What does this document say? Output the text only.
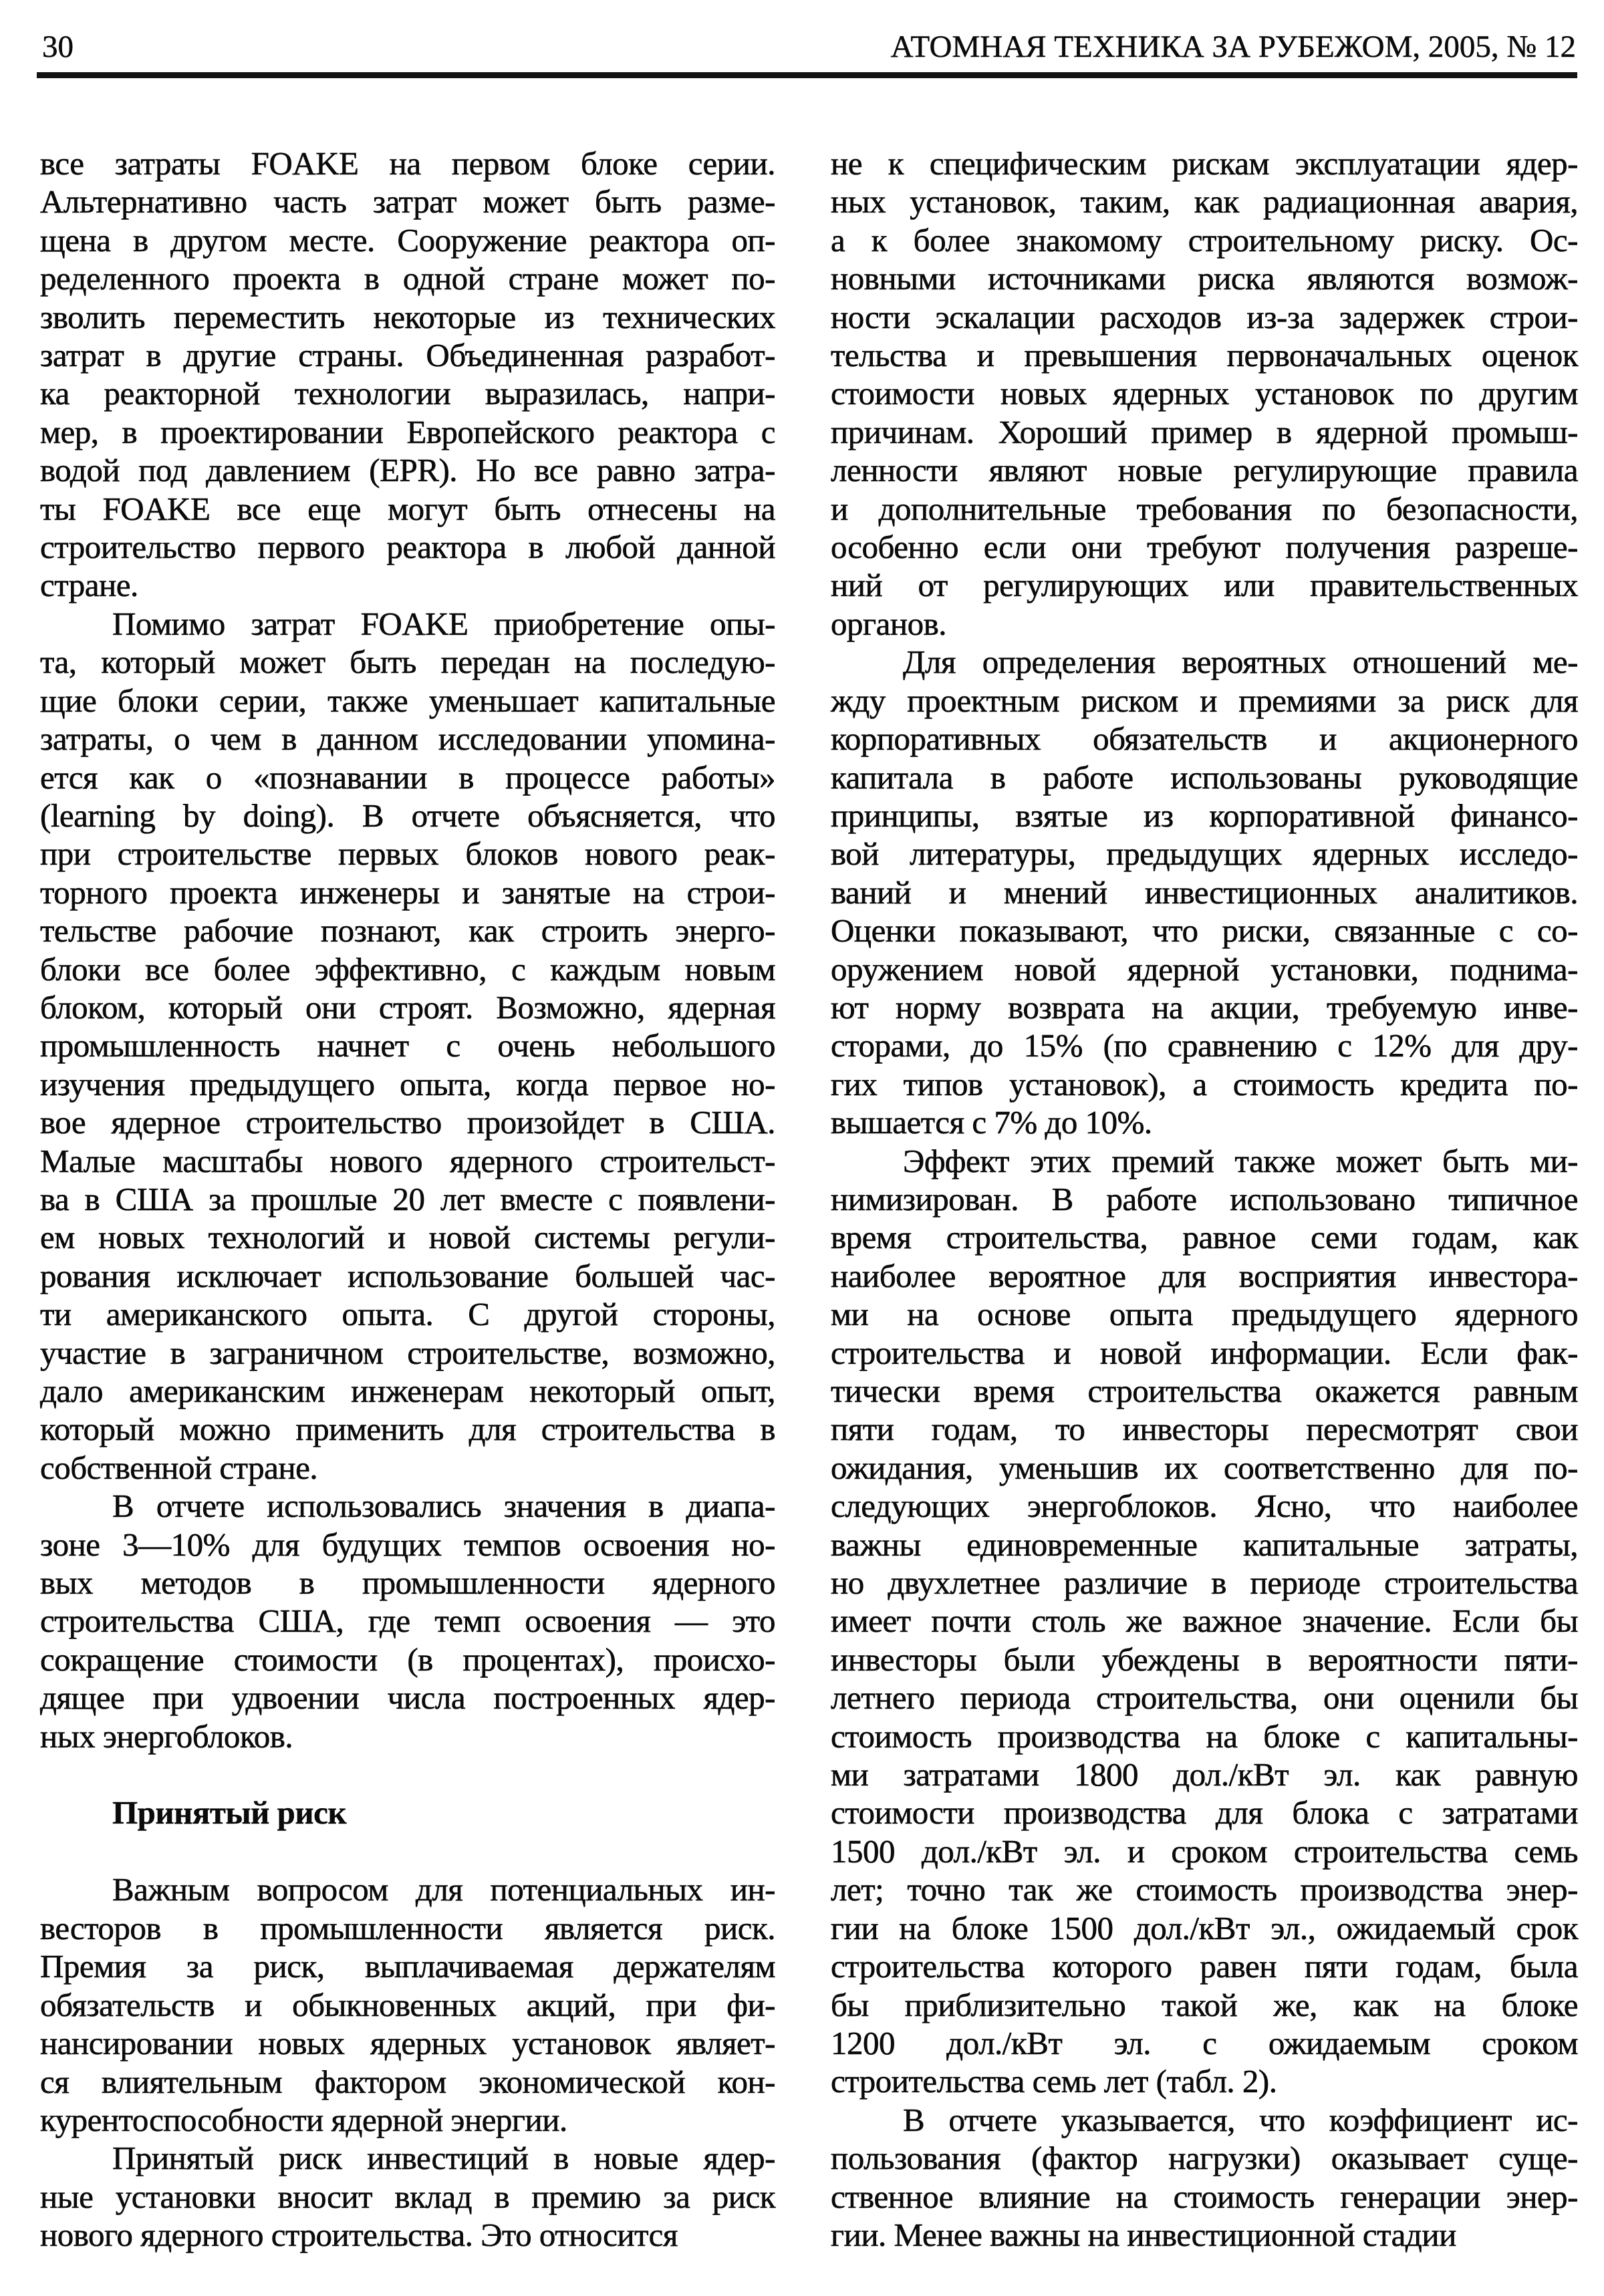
30	АТОМНАЯ ТЕХНИКА ЗА РУБЕЖОМ, 2005, № 12
все затраты FOAKE на первом блоке серии.
Альтернативно часть затрат может быть разме-
щена в другом месте. Сооружение реактора оп-
ределенного проекта в одной стране может по-
зволить переместить некоторые из технических
затрат в другие страны. Объединенная разработ-
ка реакторной технологии выразилась, напри-
мер, в проектировании Европейского реактора с
водой под давлением (EPR). Но все равно затра-
ты FOAKE все еще могут быть отнесены на
строительство первого реактора в любой данной
стране.
Помимо затрат FOAKE приобретение опы-
та, который может быть передан на последую-
щие блоки серии, также уменьшает капитальные
затраты, о чем в данном исследовании упомина-
ется как о «познавании в процессе работы»
(learning by doing). В отчете объясняется, что
при строительстве первых блоков нового реак-
торного проекта инженеры и занятые на строи-
тельстве рабочие познают, как строить энерго-
блоки все более эффективно, с каждым новым
блоком, который они строят. Возможно, ядерная
промышленность начнет с очень небольшого
изучения предыдущего опыта, когда первое но-
вое ядерное строительство произойдет в США.
Малые масштабы нового ядерного строительст-
ва в США за прошлые 20 лет вместе с появлени-
ем новых технологий и новой системы регули-
рования исключает использование большей час-
ти американского опыта. С другой стороны,
участие в заграничном строительстве, возможно,
дало американским инженерам некоторый опыт,
который можно применить для строительства в
собственной стране.
В отчете использовались значения в диапа-
зоне 3—10% для будущих темпов освоения но-
вых методов в промышленности ядерного
строительства США, где темп освоения — это
сокращение стоимости (в процентах), происхо-
дящее при удвоении числа построенных ядер-
ных энергоблоков.
Принятый риск
Важным вопросом для потенциальных ин-
весторов в промышленности является риск.
Премия за риск, выплачиваемая держателям
обязательств и обыкновенных акций, при фи-
нансировании новых ядерных установок являет-
ся влиятельным фактором экономической кон-
курентоспособности ядерной энергии.
Принятый риск инвестиций в новые ядер-
ные установки вносит вклад в премию за риск
нового ядерного строительства. Это относится
не к специфическим рискам эксплуатации ядер-
ных установок, таким, как радиационная авария,
а к более знакомому строительному риску. Ос-
новными источниками риска являются возмож-
ности эскалации расходов из-за задержек строи-
тельства и превышения первоначальных оценок
стоимости новых ядерных установок по другим
причинам. Хороший пример в ядерной промыш-
ленности являют новые регулирующие правила
и дополнительные требования по безопасности,
особенно если они требуют получения разреше-
ний от регулирующих или правительственных
органов.
Для определения вероятных отношений ме-
жду проектным риском и премиями за риск для
корпоративных обязательств и акционерного
капитала в работе использованы руководящие
принципы, взятые из корпоративной финансо-
вой литературы, предыдущих ядерных исследо-
ваний и мнений инвестиционных аналитиков.
Оценки показывают, что риски, связанные с со-
оружением новой ядерной установки, поднима-
ют норму возврата на акции, требуемую инве-
сторами, до 15% (по сравнению с 12% для дру-
гих типов установок), а стоимость кредита по-
вышается с 7% до 10%.
Эффект этих премий также может быть ми-
нимизирован. В работе использовано типичное
время строительства, равное семи годам, как
наиболее вероятное для восприятия инвестора-
ми на основе опыта предыдущего ядерного
строительства и новой информации. Если фак-
тически время строительства окажется равным
пяти годам, то инвесторы пересмотрят свои
ожидания, уменьшив их соответственно для по-
следующих энергоблоков. Ясно, что наиболее
важны единовременные капитальные затраты,
но двухлетнее различие в периоде строительства
имеет почти столь же важное значение. Если бы
инвесторы были убеждены в вероятности пяти-
летнего периода строительства, они оценили бы
стоимость производства на блоке с капитальны-
ми затратами 1800 дол./кВт эл. как равную
стоимости производства для блока с затратами
1500 дол./кВт эл. и сроком строительства семь
лет; точно так же стоимость производства энер-
гии на блоке 1500 дол./кВт эл., ожидаемый срок
строительства которого равен пяти годам, была
бы приблизительно такой же, как на блоке
1200 дол./кВт эл. с ожидаемым сроком
строительства семь лет (табл. 2).
В отчете указывается, что коэффициент ис-
пользования (фактор нагрузки) оказывает суще-
ственное влияние на стоимость генерации энер-
гии. Менее важны на инвестиционной стадии
